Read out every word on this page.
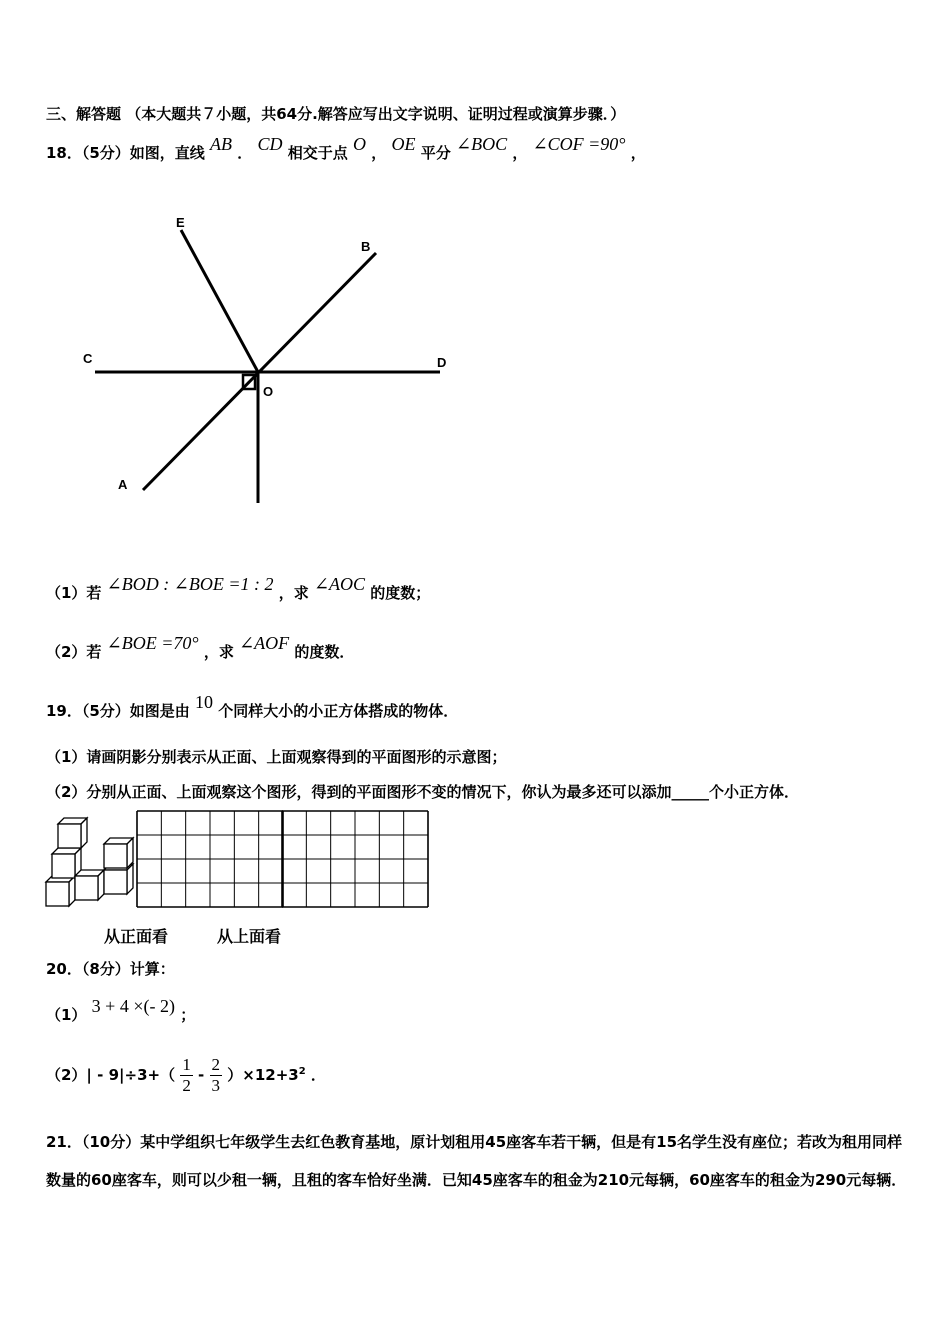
三、解答题 （本大题共７小题，共64分.解答应写出文字说明、证明过程或演算步骤．）
18．（5分）如图，直线 AB ． CD 相交于点 O ， OE 平分 ∠BOC ， ∠COF =90° ，
E
B
C	D
O
A
（1）若 ∠BOD : ∠BOE =1 : 2 ，求 ∠AOC 的度数；
（2）若 ∠BOE =70° ，求 ∠AOF 的度数．
19．（5分）如图是由 10 个同样大小的小正方体搭成的物体．
（1）请画阴影分别表示从正面、上面观察得到的平面图形的示意图；
（2）分别从正面、上面观察这个图形，得到的平面图形不变的情况下，你认为最多还可以添加_____个小正方体．
从正面看	从上面看
20．（8分）计算：
（1） 3 + 4 ×(- 2) ；
$(2)| - 9|\div 3+( \frac{1}{2} - \frac{2}{3} )\times 12+3^2$ ．
21．（10分）某中学组织七年级学生去红色教育基地，原计划租用45座客车若干辆，但是有15名学生没有座位；若改为租用同样数量的60座客车，则可以少租一辆，且租的客车恰好坐满．已知45座客车的租金为210元每辆，60座客车的租金为290元每辆．
